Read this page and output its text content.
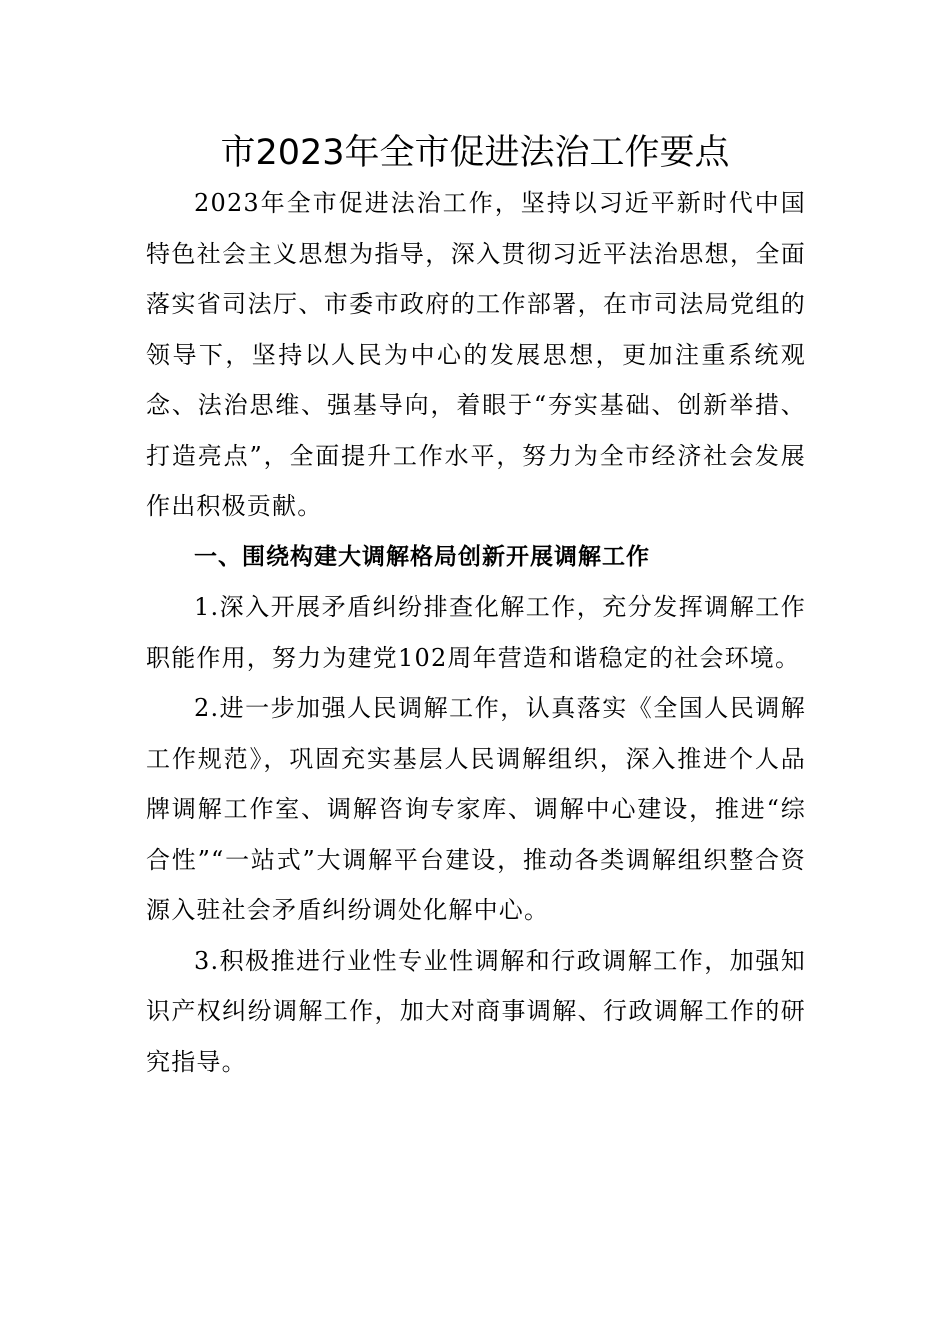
市2023年全市促进法治工作要点

2023年全市促进法治工作，坚持以习近平新时代中国特色社会主义思想为指导，深入贯彻习近平法治思想，全面落实省司法厅、市委市政府的工作部署，在市司法局党组的领导下，坚持以人民为中心的发展思想，更加注重系统观念、法治思维、强基导向，着眼于“夯实基础、创新举措、打造亮点”，全面提升工作水平，努力为全市经济社会发展作出积极贡献。

一、围绕构建大调解格局创新开展调解工作

1.深入开展矛盾纠纷排查化解工作，充分发挥调解工作职能作用，努力为建党102周年营造和谐稳定的社会环境。

2.进一步加强人民调解工作，认真落实《全国人民调解工作规范》，巩固充实基层人民调解组织，深入推进个人品牌调解工作室、调解咨询专家库、调解中心建设，推进“综合性”“一站式”大调解平台建设，推动各类调解组织整合资源入驻社会矛盾纠纷调处化解中心。

3.积极推进行业性专业性调解和行政调解工作，加强知识产权纠纷调解工作，加大对商事调解、行政调解工作的研究指导。
